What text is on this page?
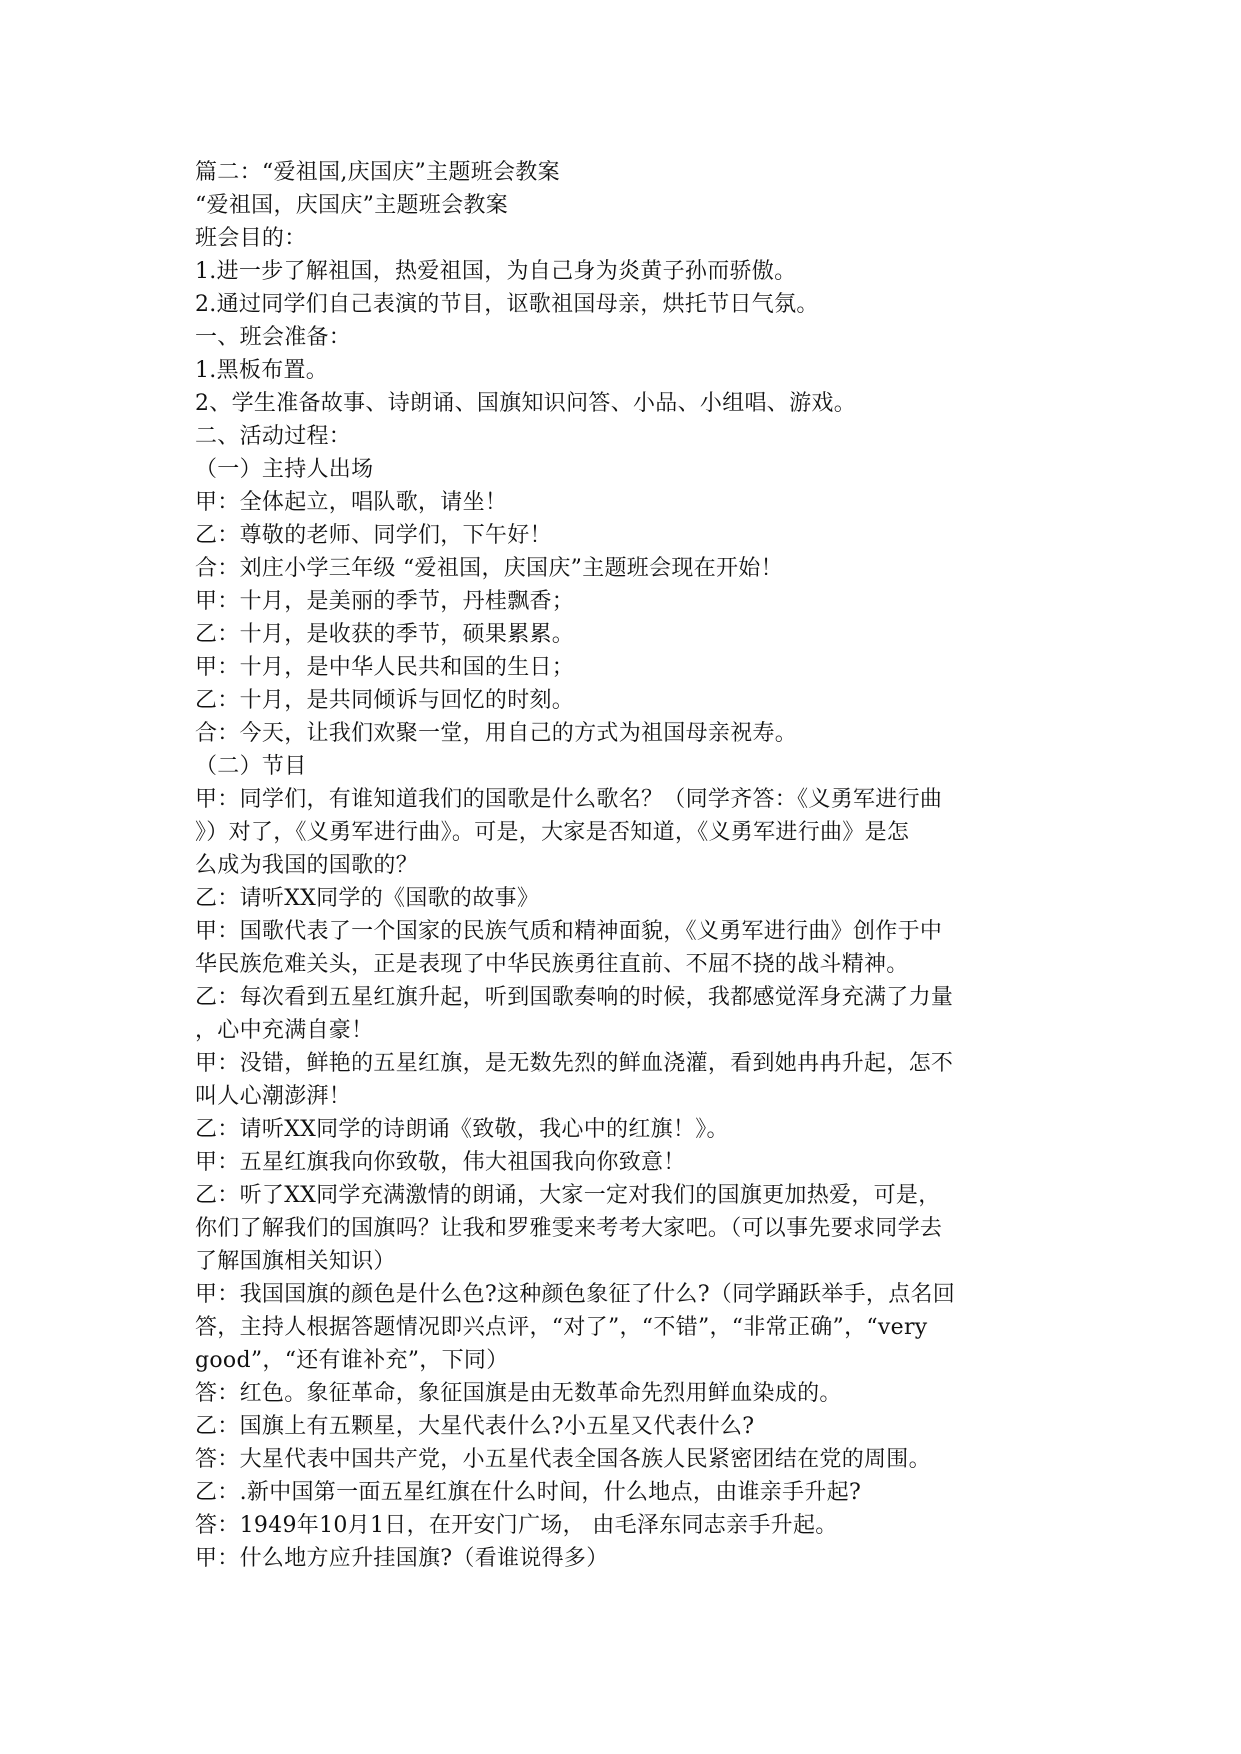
篇二：“爱祖国,庆国庆”主题班会教案
“爱祖国，庆国庆”主题班会教案
班会目的：
1.进一步了解祖国，热爱祖国，为自己身为炎黄子孙而骄傲。
2.通过同学们自己表演的节目，讴歌祖国母亲，烘托节日气氛。
一、班会准备：
1.黑板布置。
2、学生准备故事、诗朗诵、国旗知识问答、小品、小组唱、游戏。
二、活动过程：
（一）主持人出场
甲：全体起立，唱队歌，请坐！
乙：尊敬的老师、同学们，下午好！
合：刘庄小学三年级 “爱祖国，庆国庆”主题班会现在开始！
甲：十月，是美丽的季节，丹桂飘香；
乙：十月，是收获的季节，硕果累累。
甲：十月，是中华人民共和国的生日；
乙：十月，是共同倾诉与回忆的时刻。
合：今天，让我们欢聚一堂，用自己的方式为祖国母亲祝寿。
（二）节目
甲：同学们，有谁知道我们的国歌是什么歌名？（同学齐答：《义勇军进行曲
》）对了，《义勇军进行曲》。可是，大家是否知道，《义勇军进行曲》是怎
么成为我国的国歌的？
乙：请听XX同学的《国歌的故事》
甲：国歌代表了一个国家的民族气质和精神面貌，《义勇军进行曲》创作于中
华民族危难关头，正是表现了中华民族勇往直前、不屈不挠的战斗精神。
乙：每次看到五星红旗升起，听到国歌奏响的时候，我都感觉浑身充满了力量
，心中充满自豪！
甲：没错，鲜艳的五星红旗，是无数先烈的鲜血浇灌，看到她冉冉升起，怎不
叫人心潮澎湃！
乙：请听XX同学的诗朗诵《致敬，我心中的红旗！》。
甲：五星红旗我向你致敬，伟大祖国我向你致意！
乙：听了XX同学充满激情的朗诵，大家一定对我们的国旗更加热爱，可是，
你们了解我们的国旗吗？让我和罗雅雯来考考大家吧。（可以事先要求同学去
了解国旗相关知识）
甲：我国国旗的颜色是什么色?这种颜色象征了什么?（同学踊跃举手，点名回
答，主持人根据答题情况即兴点评，“对了”，“不错”，“非常正确”，“very
good”，“还有谁补充”，下同）
答：红色。象征革命，象征国旗是由无数革命先烈用鲜血染成的。
乙：国旗上有五颗星，大星代表什么?小五星又代表什么?
答：大星代表中国共产党，小五星代表全国各族人民紧密团结在党的周围。
乙：.新中国第一面五星红旗在什么时间，什么地点，由谁亲手升起?
答：1949年10月1日，在开安门广场， 由毛泽东同志亲手升起。
甲：什么地方应升挂国旗?（看谁说得多）
